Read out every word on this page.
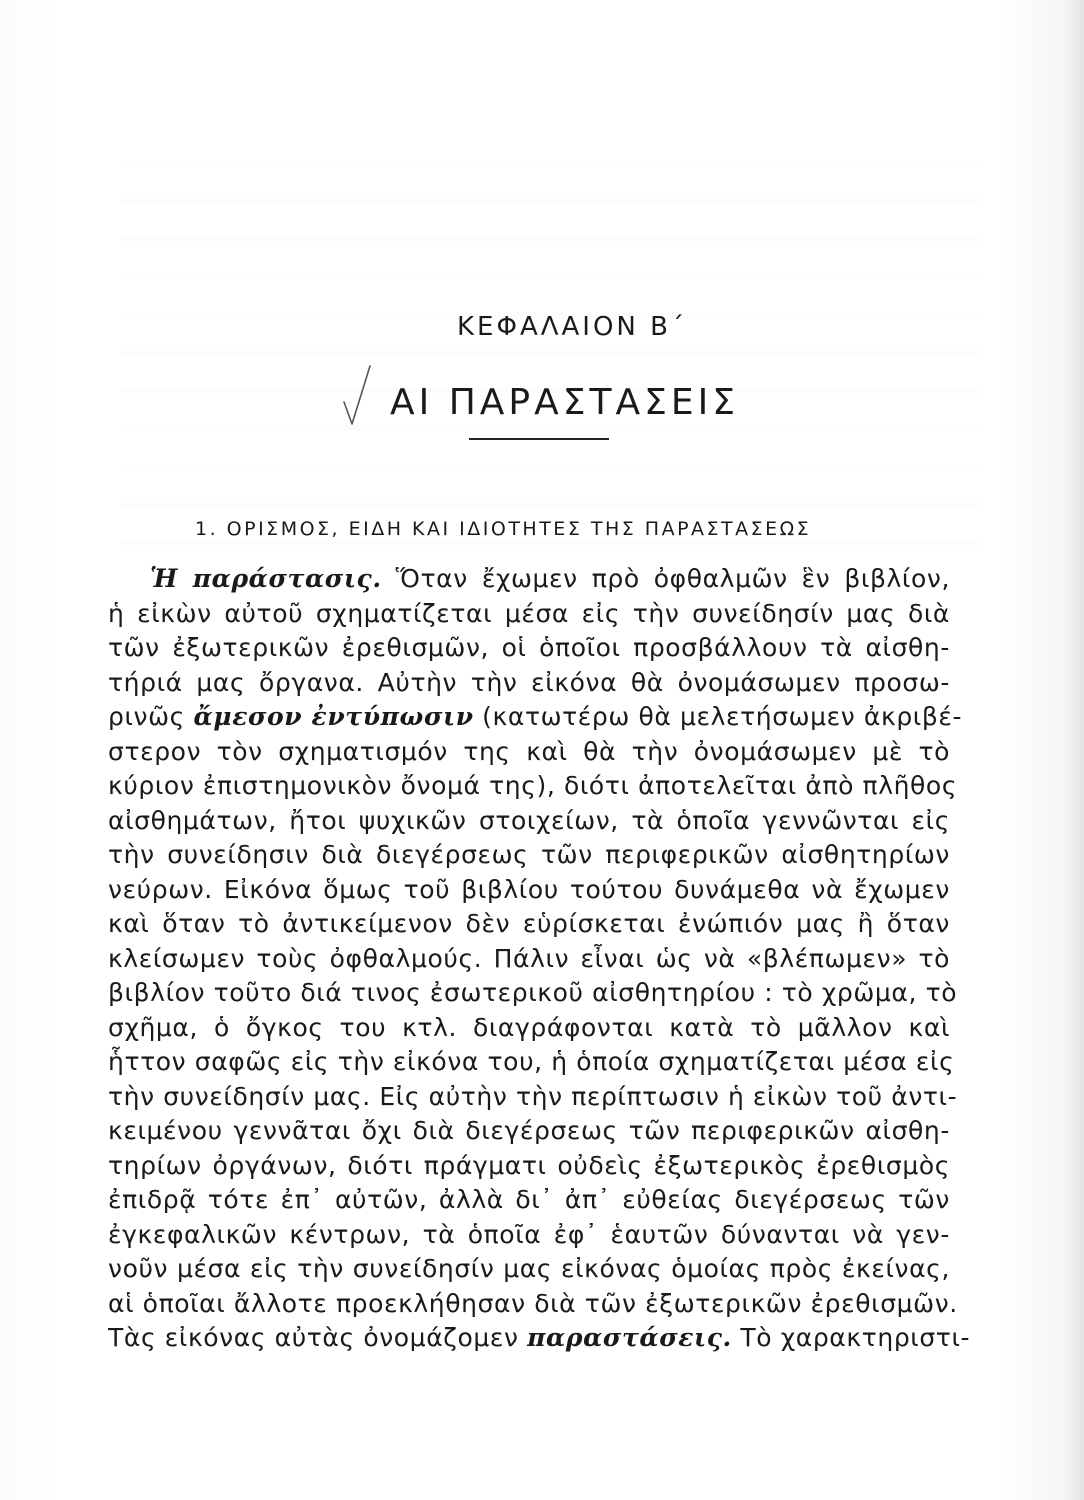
ΚΕΦΑΛΑΙΟΝ Β΄
ΑΙ ΠΑΡΑΣΤΑΣΕΙΣ
1. ΟΡΙΣΜΟΣ, ΕΙΔΗ ΚΑΙ ΙΔΙΟΤΗΤΕΣ ΤΗΣ ΠΑΡΑΣΤΑΣΕΩΣ
Ἡ παράστασις. Ὅταν ἔχωμεν πρὸ ὀφθαλμῶν ἓν βιβλίον,
ἡ εἰκὼν αὐτοῦ σχηματίζεται μέσα εἰς τὴν συνείδησίν μας διὰ
τῶν ἐξωτερικῶν ἐρεθισμῶν, οἱ ὁποῖοι προσβάλλουν τὰ αἰσθη-
τήριά μας ὄργανα. Αὐτὴν τὴν εἰκόνα θὰ ὀνομάσωμεν προσω-
ρινῶς ἄμεσον ἐντύπωσιν (κατωτέρω θὰ μελετήσωμεν ἀκριβέ-
στερον τὸν σχηματισμόν της καὶ θὰ τὴν ὀνομάσωμεν μὲ τὸ
κύριον ἐπιστημονικὸν ὄνομά της), διότι ἀποτελεῖται ἀπὸ πλῆθος
αἰσθημάτων, ἤτοι ψυχικῶν στοιχείων, τὰ ὁποῖα γεννῶνται εἰς
τὴν συνείδησιν διὰ διεγέρσεως τῶν περιφερικῶν αἰσθητηρίων
νεύρων. Εἰκόνα ὅμως τοῦ βιβλίου τούτου δυνάμεθα νὰ ἔχωμεν
καὶ ὅταν τὸ ἀντικείμενον δὲν εὑρίσκεται ἐνώπιόν μας ἢ ὅταν
κλείσωμεν τοὺς ὀφθαλμούς. Πάλιν εἶναι ὡς νὰ «βλέπωμεν» τὸ
βιβλίον τοῦτο διά τινος ἐσωτερικοῦ αἰσθητηρίου : τὸ χρῶμα, τὸ
σχῆμα, ὁ ὄγκος του κτλ. διαγράφονται κατὰ τὸ μᾶλλον καὶ
ἧττον σαφῶς εἰς τὴν εἰκόνα του, ἡ ὁποία σχηματίζεται μέσα εἰς
τὴν συνείδησίν μας. Εἰς αὐτὴν τὴν περίπτωσιν ἡ εἰκὼν τοῦ ἀντι-
κειμένου γεννᾶται ὄχι διὰ διεγέρσεως τῶν περιφερικῶν αἰσθη-
τηρίων ὀργάνων, διότι πράγματι οὐδεὶς ἐξωτερικὸς ἐρεθισμὸς
ἐπιδρᾷ τότε ἐπ᾽ αὐτῶν, ἀλλὰ δι᾽ ἀπ᾽ εὐθείας διεγέρσεως τῶν
ἐγκεφαλικῶν κέντρων, τὰ ὁποῖα ἐφ᾽ ἑαυτῶν δύνανται νὰ γεν-
νοῦν μέσα εἰς τὴν συνείδησίν μας εἰκόνας ὁμοίας πρὸς ἐκείνας,
αἱ ὁποῖαι ἄλλοτε προεκλήθησαν διὰ τῶν ἐξωτερικῶν ἐρεθισμῶν.
Τὰς εἰκόνας αὐτὰς ὀνομάζομεν παραστάσεις. Τὸ χαρακτηριστι-
